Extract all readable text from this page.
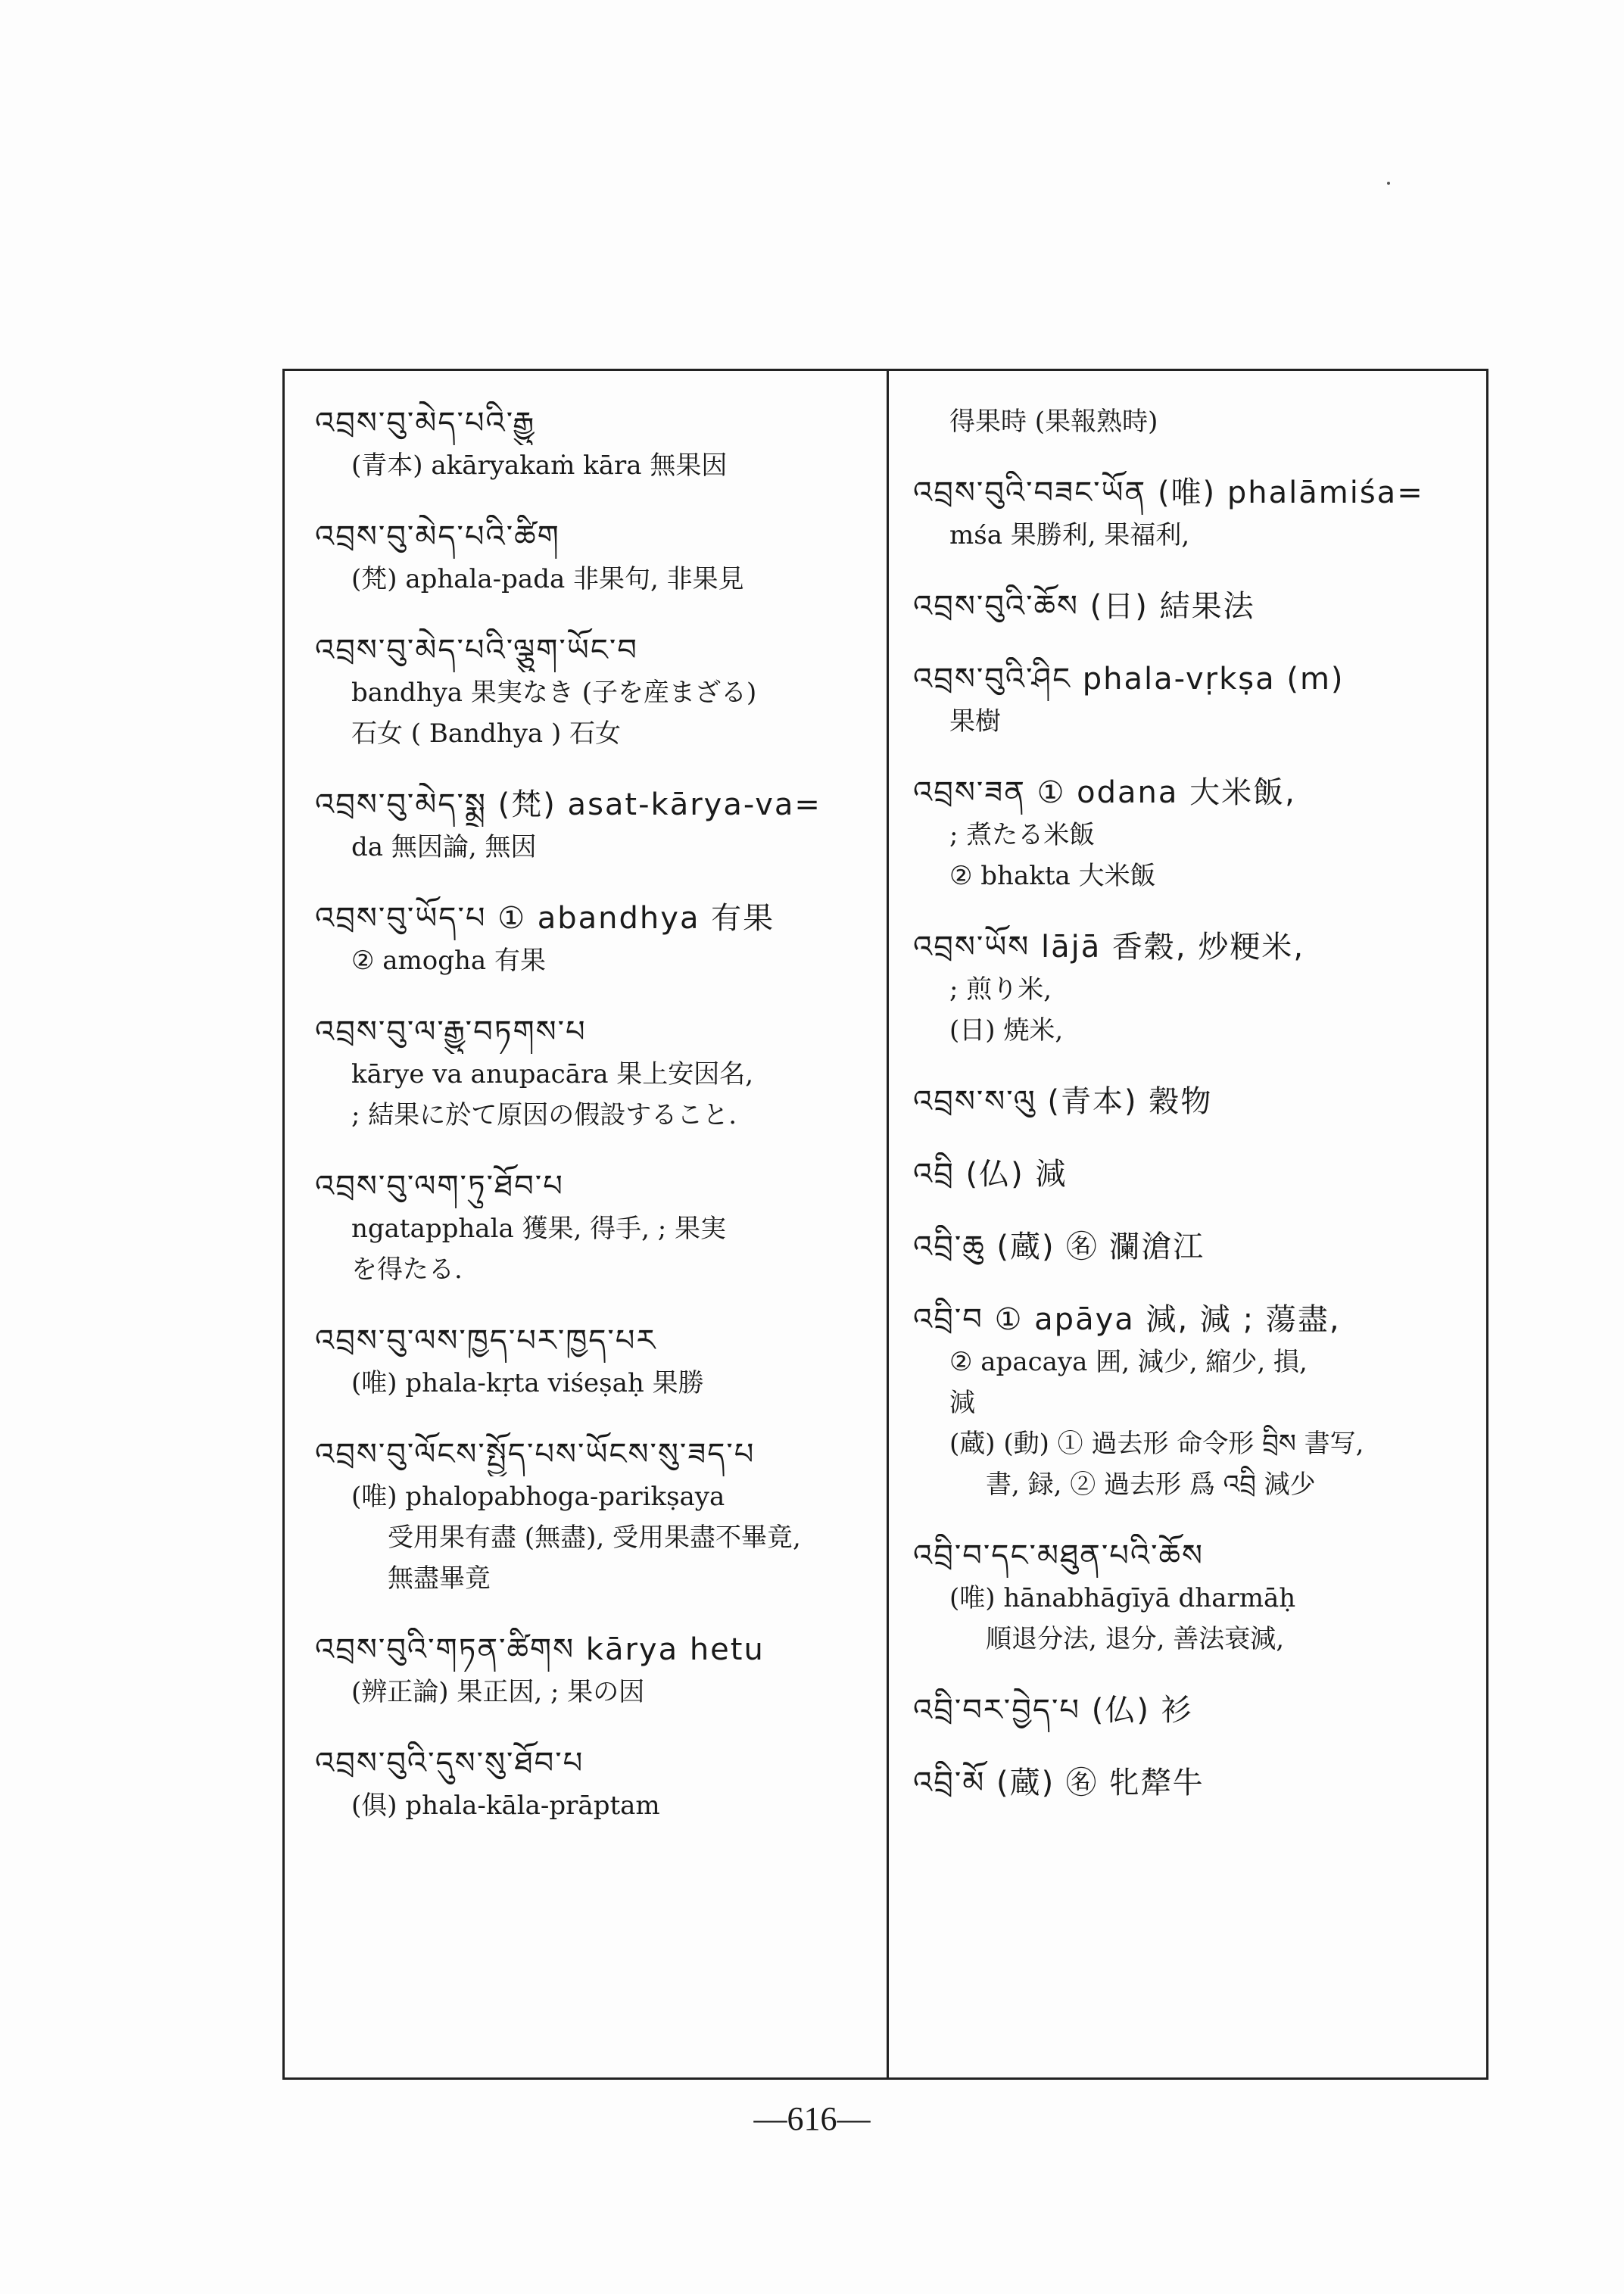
འབྲས་བུ་མེད་པའི་རྒྱུ
(青本) akāryakaṁ kāra 無果因
འབྲས་བུ་མེད་པའི་ཚིག
(梵) aphala-pada 非果句, 非果見
འབྲས་བུ་མེད་པའི་ལྕུག་ཡོང་བ
bandhya 果実なき (子を産まざる)
石女 ( Bandhya ) 石女
འབྲས་བུ་མེད་སྨྲ (梵) asat-kārya-va=
da 無因論, 無因
འབྲས་བུ་ཡོད་པ ① abandhya 有果
② amogha 有果
འབྲས་བུ་ལ་རྒྱུ་བཏགས་པ
kārye va anupacāra 果上安因名,
; 結果に於て原因の假設すること.
འབྲས་བུ་ལག་ཏུ་ཐོབ་པ
ngatapphala 獲果, 得手, ; 果実
を得たる.
འབྲས་བུ་ལས་ཁྱད་པར་ཁྱད་པར
(唯) phala-kṛta viśeṣaḥ 果勝
འབྲས་བུ་ལོངས་སྤྱོད་པས་ཡོངས་སུ་ཟད་པ
(唯) phalopabhoga-parikṣaya
受用果有盡 (無盡), 受用果盡不畢竟,
無盡畢竟
འབྲས་བུའི་གཏན་ཚིགས kārya hetu
(辨正論) 果正因, ; 果の因
འབྲས་བུའི་དུས་སུ་ཐོབ་པ
(俱) phala-kāla-prāptam
得果時 (果報熟時)
འབྲས་བུའི་བཟང་ཡོན (唯) phalāmiśa=
mśa 果勝利, 果福利,
འབྲས་བུའི་ཆོས (日) 結果法
འབྲས་བུའི་ཤིང phala-vṛkṣa (m)
果樹
འབྲས་ཟན ① odana 大米飯,
; 煮たる米飯
② bhakta 大米飯
འབྲས་ཡོས lājā 香穀, 炒粳米,
; 煎り米,
(日) 焼米,
འབྲས་ས་ལུ (青本) 穀物
འབྲི (仏) 減
འབྲི་ཆུ (蔵) ㊔ 瀾滄江
འབྲི་བ ① apāya 減, 減 ; 蕩盡,
② apacaya 囲, 減少, 縮少, 損,
減
(蔵) (動) ① 過去形 命令形 བྲིས 書写,
書, 録, ② 過去形 爲 འབྲི 減少
འབྲི་བ་དང་མཐུན་པའི་ཆོས
(唯) hānabhāgīyā dharmāḥ
順退分法, 退分, 善法衰減,
འབྲི་བར་བྱེད་པ (仏) 衫
འབྲི་མོ (蔵) ㊔ 牝犛牛
—616—
